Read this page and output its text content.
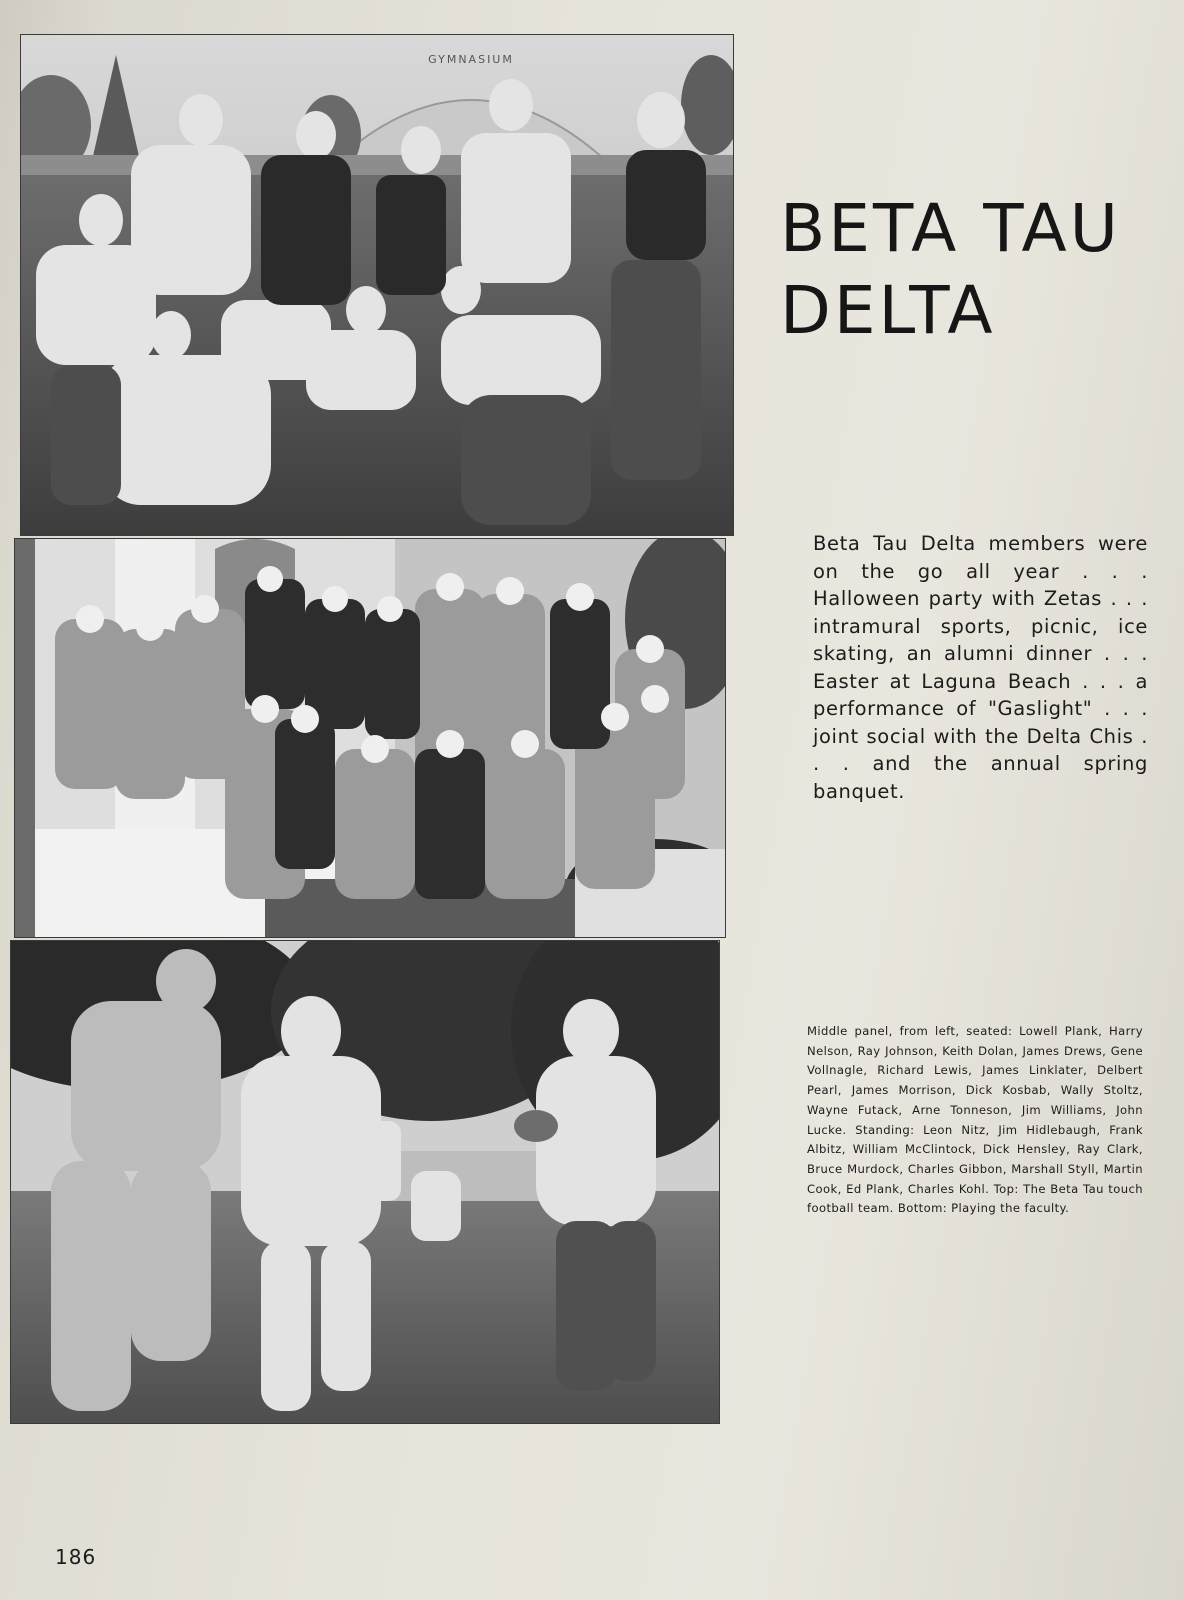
GYMNASIUM
BETA TAU
DELTA

Beta Tau Delta members were on the go all year . . . Halloween party with Zetas . . . intramural sports, picnic, ice skating, an alumni dinner . . . Easter at Laguna Beach . . . a performance of "Gaslight" . . . joint social with the Delta Chis . . . and the annual spring banquet.

Middle panel, from left, seated: Lowell Plank, Harry Nelson, Ray Johnson, Keith Dolan, James Drews, Gene Vollnagle, Richard Lewis, James Linklater, Delbert Pearl, James Morrison, Dick Kosbab, Wally Stoltz, Wayne Futack, Arne Tonneson, Jim Williams, John Lucke. Standing: Leon Nitz, Jim Hidlebaugh, Frank Albitz, William McClintock, Dick Hensley, Ray Clark, Bruce Murdock, Charles Gibbon, Marshall Styll, Martin Cook, Ed Plank, Charles Kohl. Top: The Beta Tau touch football team. Bottom: Playing the faculty.

186
